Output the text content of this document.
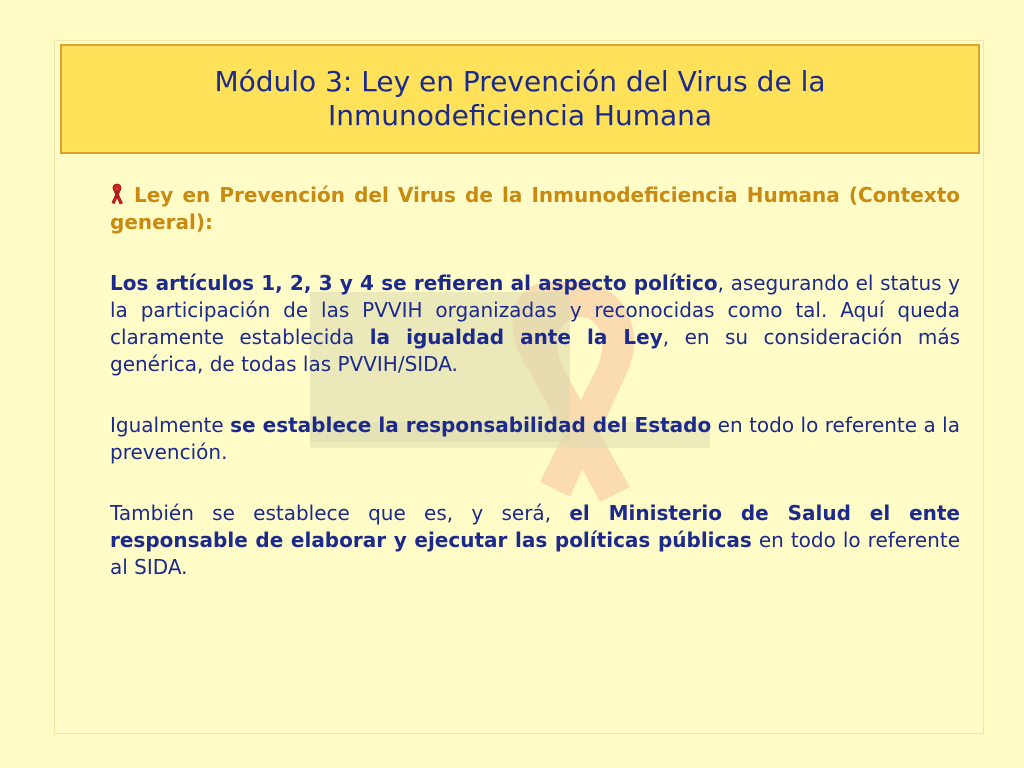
Módulo 3: Ley en Prevención del Virus de la
Inmunodeficiencia Humana

Ley en Prevención del Virus de la Inmunodeficiencia Humana (Contexto general):

Los artículos 1, 2, 3 y 4 se refieren al aspecto político, asegurando el status y la participación de las PVVIH organizadas y reconocidas como tal. Aquí queda claramente establecida la igualdad ante la Ley, en su consideración más genérica, de todas las PVVIH/SIDA.

Igualmente se establece la responsabilidad del Estado en todo lo referente a la prevención.

También se establece que es, y será, el Ministerio de Salud el ente responsable de elaborar y ejecutar las políticas públicas en todo lo referente al SIDA.
